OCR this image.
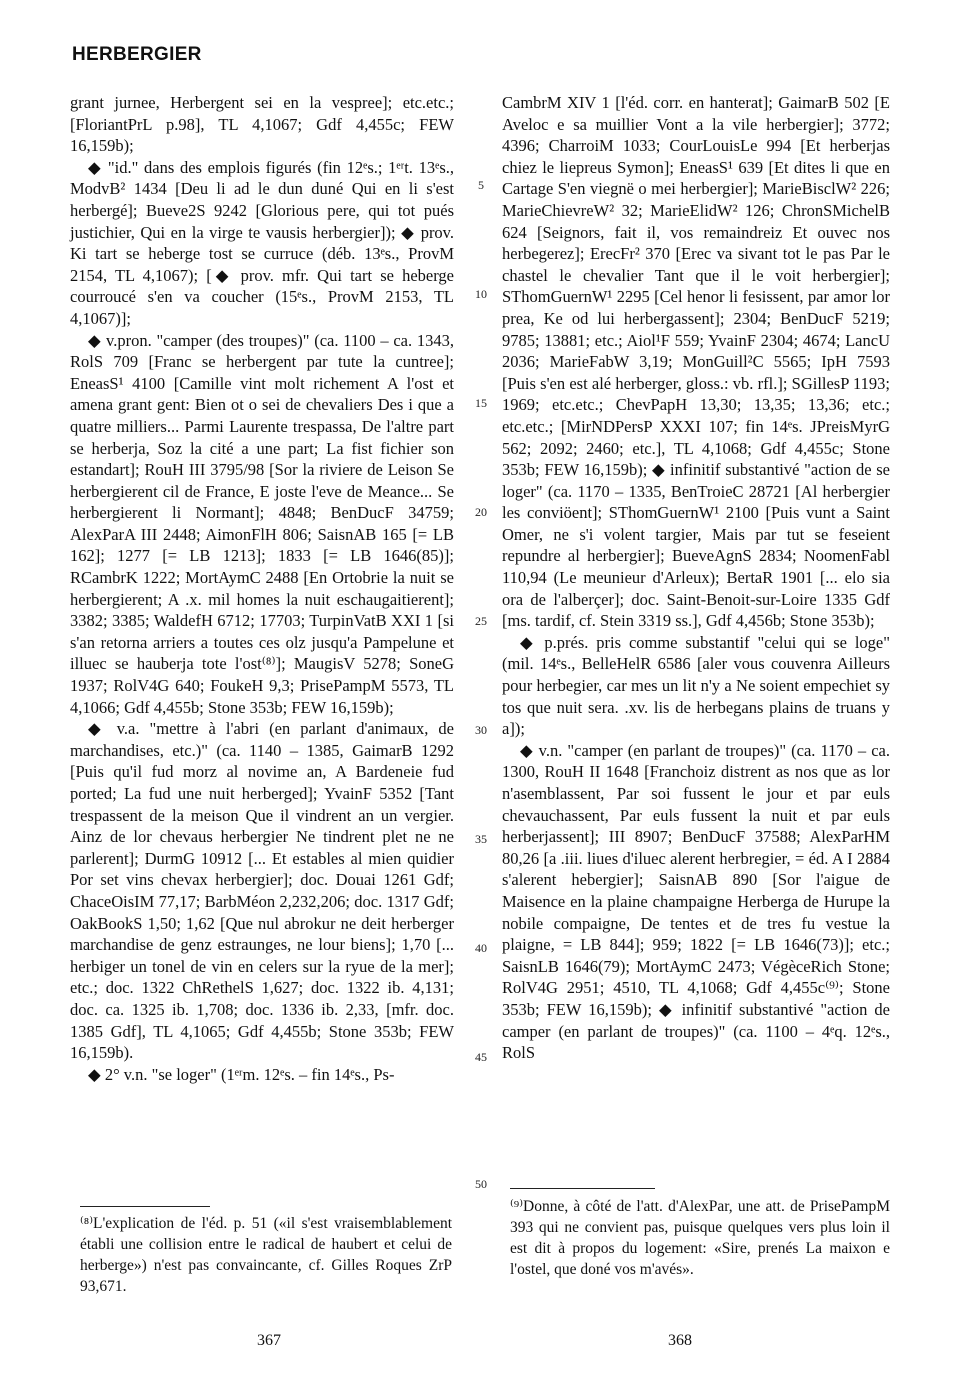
HERBERGIER

grant jurnee, Herbergent sei en la vespree]; etc.etc.; [FloriantPrL p.98], TL 4,1067; Gdf 4,455c; FEW 16,159b);

◆ "id." dans des emplois figurés (fin 12ᵉs.; 1ᵉʳt. 13ᵉs., ModvB² 1434 [Deu li ad le dun duné Qui en li s'est herbergé]; Bueve2S 9242 [Glorious pere, qui tot pués justichier, Qui en la virge te vausis herbergier]); ◆ prov. Ki tart se heberge tost se curruce (déb. 13ᵉs., ProvM 2154, TL 4,1067); [◆ prov. mfr. Qui tart se heberge courroucé s'en va coucher (15ᵉs., ProvM 2153, TL 4,1067)];

◆ v.pron. "camper (des troupes)" (ca. 1100 – ca. 1343, RolS 709 [Franc se herbergent par tute la cuntree]; EneasS¹ 4100 [Camille vint molt richement A l'ost et amena grant gent: Bien ot o sei de chevaliers Des i que a quatre milliers... Parmi Laurente trespassa, De l'altre part se herberja, Soz la cité a une part; La fist fichier son estandart]; RouH III 3795/98 [Sor la riviere de Leison Se herbergierent cil de France, E joste l'eve de Meance... Se herbergierent li Normant]; 4848; BenDucF 34759; AlexParA III 2448; AimonFlH 806; SaisnAB 165 [= LB 162]; 1277 [= LB 1213]; 1833 [= LB 1646(85)]; RCambrK 1222; MortAymC 2488 [En Ortobrie la nuit se herbergierent; A .x. mil homes la nuit eschaugaitierent]; 3382; 3385; WaldefH 6712; 17703; TurpinVatB XXI 1 [si s'an retorna arriers a toutes ces olz jusqu'a Pampelune et illuec se hauberja tote l'ost⁽⁸⁾]; MaugisV 5278; SoneG 1937; RolV4G 640; FoukeH 9,3; PrisePampM 5573, TL 4,1066; Gdf 4,455b; Stone 353b; FEW 16,159b);

◆ v.a. "mettre à l'abri (en parlant d'animaux, de marchandises, etc.)" (ca. 1140 – 1385, GaimarB 1292 [Puis qu'il fud morz al novime an, A Bardeneie fud ported; La fud une nuit herberged]; YvainF 5352 [Tant trespassent de la meison Que il vindrent an un vergier. Ainz de lor chevaus herbergier Ne tindrent plet ne ne parlerent]; DurmG 10912 [... Et estables al mien quidier Por set vins chevax herbergier]; doc. Douai 1261 Gdf; ChaceOisIM 77,17; BarbMéon 2,232,206; doc. 1317 Gdf; OakBookS 1,50; 1,62 [Que nul abrokur ne deit herberger marchandise de genz estraunges, ne lour biens]; 1,70 [... herbiger un tonel de vin en celers sur la ryue de la mer]; etc.; doc. 1322 ChRethelS 1,627; doc. 1322 ib. 4,131; doc. ca. 1325 ib. 1,708; doc. 1336 ib. 2,33, [mfr. doc. 1385 Gdf], TL 4,1065; Gdf 4,455b; Stone 353b; FEW 16,159b).

◆ 2° v.n. "se loger" (1ᵉʳm. 12ᵉs. – fin 14ᵉs., Ps-

5
10
15
20
25
30
35
40
45
50

CambrM XIV 1 [l'éd. corr. en hanterat]; GaimarB 502 [E Aveloc e sa muillier Vont a la vile herbergier]; 3772; 4396; CharroiM 1033; CourLouisLe 994 [Et herberjas chiez le liepreus Symon]; EneasS¹ 639 [Et dites li que en Cartage S'en viegnë o mei herbergier]; MarieBisclW² 226; MarieChievreW² 32; MarieElidW² 126; ChronSMichelB 624 [Seignors, fait il, vos remaindreiz Et ouvec nos herbegerez]; ErecFr² 370 [Erec va sivant tot le pas Par le chastel le chevalier Tant que il le voit herbergier]; SThomGuernW¹ 2295 [Cel henor li fesissent, par amor lor prea, Ke od lui herbergassent]; 2304; BenDucF 5219; 9785; 13881; etc.; Aiol¹F 559; YvainF 2304; 4674; LancU 2036; MarieFabW 3,19; MonGuill²C 5565; IpH 7593 [Puis s'en est alé herberger, gloss.: vb. rfl.]; SGillesP 1193; 1969; etc.etc.; ChevPapH 13,30; 13,35; 13,36; etc.; etc.etc.; [MirNDPersP XXXI 107; fin 14ᵉs. JPreisMyrG 562; 2092; 2460; etc.], TL 4,1068; Gdf 4,455c; Stone 353b; FEW 16,159b); ◆ infinitif substantivé "action de se loger" (ca. 1170 – 1335, BenTroieC 28721 [Al herbergier les conviöent]; SThomGuernW¹ 2100 [Puis vunt a Saint Omer, ne s'i volent targier, Mais par tut se feseient repundre al herbergier]; BueveAgnS 2834; NoomenFabl 110,94 (Le meunieur d'Arleux); BertaR 1901 [... elo sia ora de l'alberçer]; doc. Saint-Benoit-sur-Loire 1335 Gdf [ms. tardif, cf. Stein 3319 ss.], Gdf 4,456b; Stone 353b);

◆ p.prés. pris comme substantif "celui qui se loge" (mil. 14ᵉs., BelleHelR 6586 [aler vous couvenra Ailleurs pour herbegier, car mes un lit n'y a Ne soient empechiet sy tos que nuit sera. .xv. lis de herbegans plains de truans y a]);

◆ v.n. "camper (en parlant de troupes)" (ca. 1170 – ca. 1300, RouH II 1648 [Franchoiz distrent as nos que as lor n'asemblassent, Par soi fussent le jour et par euls chevauchassent, Par euls fussent la nuit et par euls herberjassent]; III 8907; BenDucF 37588; AlexParHM 80,26 [a .iii. liues d'iluec alerent herbregier, = éd. A I 2884 s'alerent hebergier]; SaisnAB 890 [Sor l'aigue de Maisence en la plaine champaigne Herberga de Hurupe la nobile compaigne, De tentes et de tres fu vestue la plaigne, = LB 844]; 959; 1822 [= LB 1646(73)]; etc.; SaisnLB 1646(79); MortAymC 2473; VégèceRich Stone; RolV4G 2951; 4510, TL 4,1068; Gdf 4,455c⁽⁹⁾; Stone 353b; FEW 16,159b); ◆ infinitif substantivé "action de camper (en parlant de troupes)" (ca. 1100 – 4ᵉq. 12ᵉs., RolS

⁽⁸⁾L'explication de l'éd. p. 51 («il s'est vraisemblablement établi une collision entre le radical de haubert et celui de herberge») n'est pas convaincante, cf. Gilles Roques ZrP 93,671.

⁽⁹⁾Donne, à côté de l'att. d'AlexPar, une att. de PrisePampM 393 qui ne convient pas, puisque quelques vers plus loin il est dit à propos du logement: «Sire, prenés La maixon e l'ostel, que doné vos m'avés».

367	368
